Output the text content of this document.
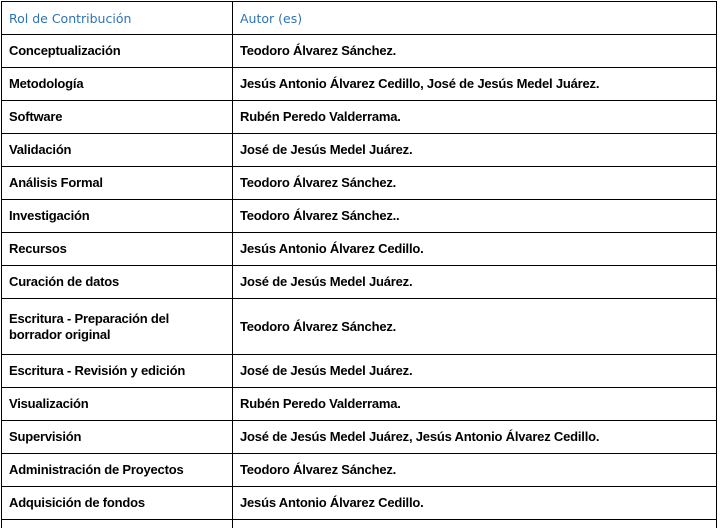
Rol de Contribución	Autor (es)
Conceptualización	Teodoro Álvarez Sánchez.
Metodología	Jesús Antonio Álvarez Cedillo, José de Jesús Medel Juárez.
Software	Rubén Peredo Valderrama.
Validación	José de Jesús Medel Juárez.
Análisis Formal	Teodoro Álvarez Sánchez.
Investigación	Teodoro Álvarez Sánchez..
Recursos	Jesús Antonio Álvarez Cedillo.
Curación de datos	José de Jesús Medel Juárez.
Escritura - Preparación del borrador original	Teodoro Álvarez Sánchez.
Escritura - Revisión y edición	José de Jesús Medel Juárez.
Visualización	Rubén Peredo Valderrama.
Supervisión	José de Jesús Medel Juárez, Jesús Antonio Álvarez Cedillo.
Administración de Proyectos	Teodoro Álvarez Sánchez.
Adquisición de fondos	Jesús Antonio Álvarez Cedillo.
